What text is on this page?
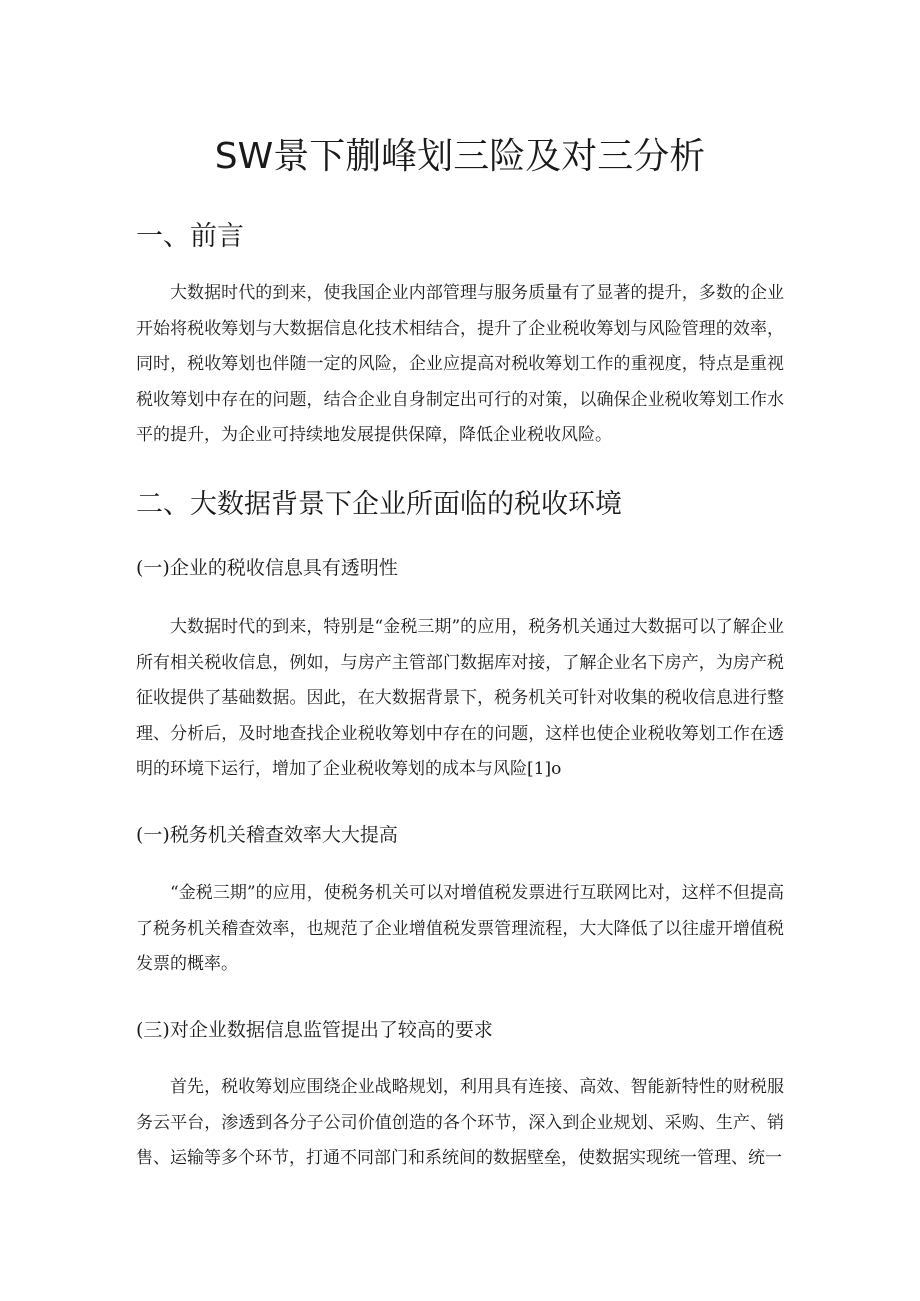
SW景下蒯峰划三险及对三分析
一、前言

大数据时代的到来，使我国企业内部管理与服务质量有了显著的提升，多数的企业开始将税收筹划与大数据信息化技术相结合，提升了企业税收筹划与风险管理的效率，同时，税收筹划也伴随一定的风险，企业应提高对税收筹划工作的重视度，特点是重视税收筹划中存在的问题，结合企业自身制定出可行的对策，以确保企业税收筹划工作水平的提升，为企业可持续地发展提供保障，降低企业税收风险。

二、大数据背景下企业所面临的税收环境
(一)企业的税收信息具有透明性

大数据时代的到来，特别是“金税三期”的应用，税务机关通过大数据可以了解企业所有相关税收信息，例如，与房产主管部门数据库对接，了解企业名下房产，为房产税征收提供了基础数据。因此，在大数据背景下，税务机关可针对收集的税收信息进行整理、分析后，及时地查找企业税收筹划中存在的问题，这样也使企业税收筹划工作在透明的环境下运行，增加了企业税收筹划的成本与风险[1]o

(一)税务机关稽查效率大大提高

“金税三期”的应用，使税务机关可以对增值税发票进行互联网比对，这样不但提高了税务机关稽查效率，也规范了企业增值税发票管理流程，大大降低了以往虚开增值税发票的概率。

(三)对企业数据信息监管提出了较高的要求

首先，税收筹划应围绕企业战略规划，利用具有连接、高效、智能新特性的财税服务云平台，渗透到各分子公司价值创造的各个环节，深入到企业规划、采购、生产、销售、运输等多个环节，打通不同部门和系统间的数据壁垒，使数据实现统一管理、统一
